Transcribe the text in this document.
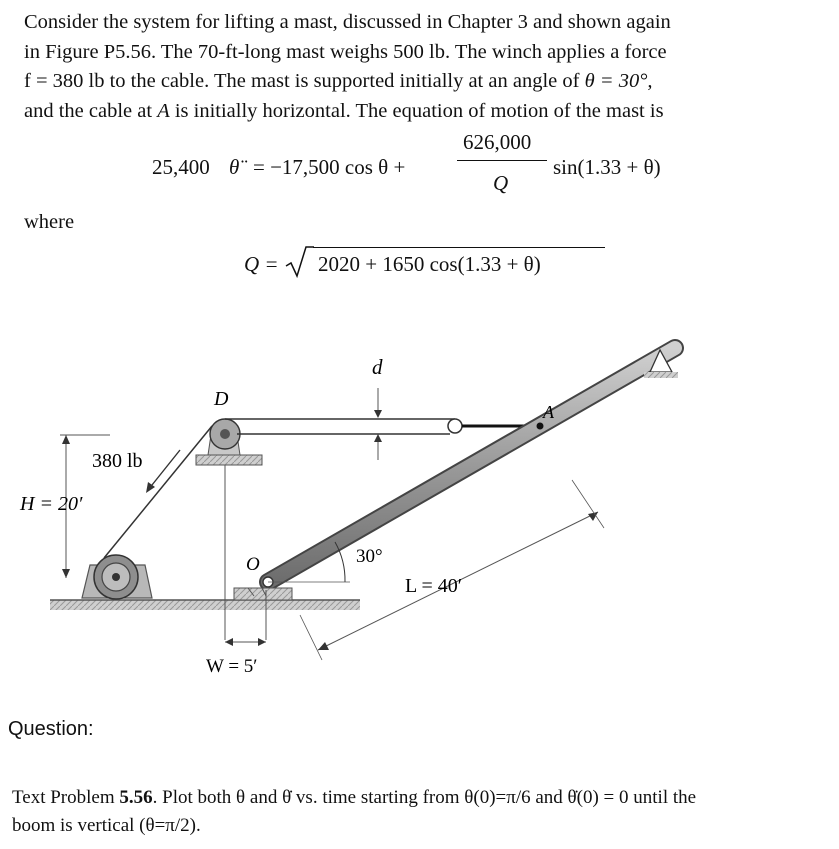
Consider the system for lifting a mast, discussed in Chapter 3 and shown again
in Figure P5.56. The 70-ft-long mast weighs 500 lb. The winch applies a force
f = 380 lb to the cable. The mast is supported initially at an angle of θ = 30°,
and the cable at A is initially horizontal. The equation of motion of the mast is
25,400 θ̈ = −17,500 cos θ +
626,000
Q
sin(1.33 + θ)
where
Q = 2020 + 1650 cos(1.33 + θ)
D
d
A
O
380 lb
H = 20′
30°
L = 40′
W = 5′
Question:
Text Problem 5.56. Plot both θ and θ̇ vs. time starting from θ(0)=π/6 and θ̇(0) = 0 until the
boom is vertical (θ=π/2).
